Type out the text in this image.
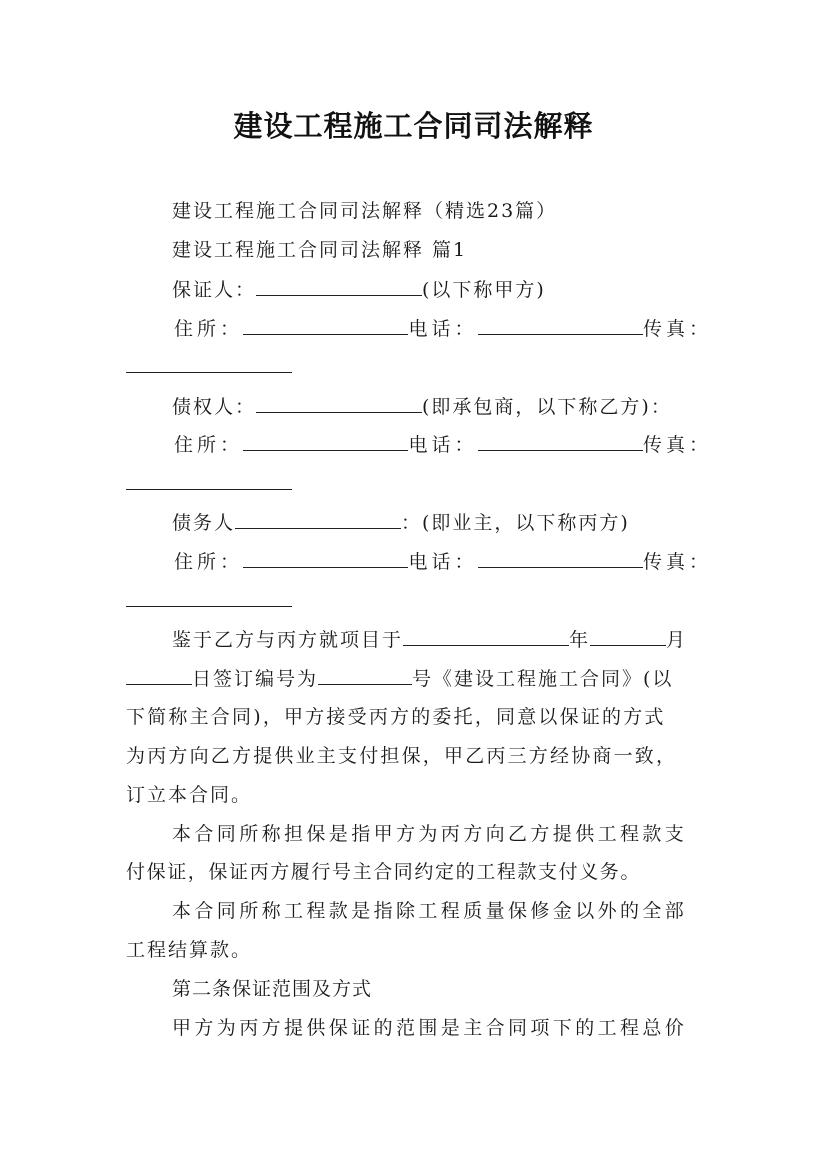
建设工程施工合同司法解释
建设工程施工合同司法解释（精选23篇）
建设工程施工合同司法解释 篇1
保证人：	(以下称甲方)
住所：	电话：	传真：
债权人：	(即承包商，以下称乙方)：
住所：	电话：	传真：
债务人	：(即业主，以下称丙方)
住所：	电话：	传真：
鉴于乙方与丙方就项目于	年	月
日签订编号为	号《建设工程施工合同》(以
下简称主合同)，甲方接受丙方的委托，同意以保证的方式
为丙方向乙方提供业主支付担保，甲乙丙三方经协商一致，
订立本合同。
本合同所称担保是指甲方为丙方向乙方提供工程款支
付保证，保证丙方履行号主合同约定的工程款支付义务。
本合同所称工程款是指除工程质量保修金以外的全部
工程结算款。
第二条保证范围及方式
甲方为丙方提供保证的范围是主合同项下的工程总价
